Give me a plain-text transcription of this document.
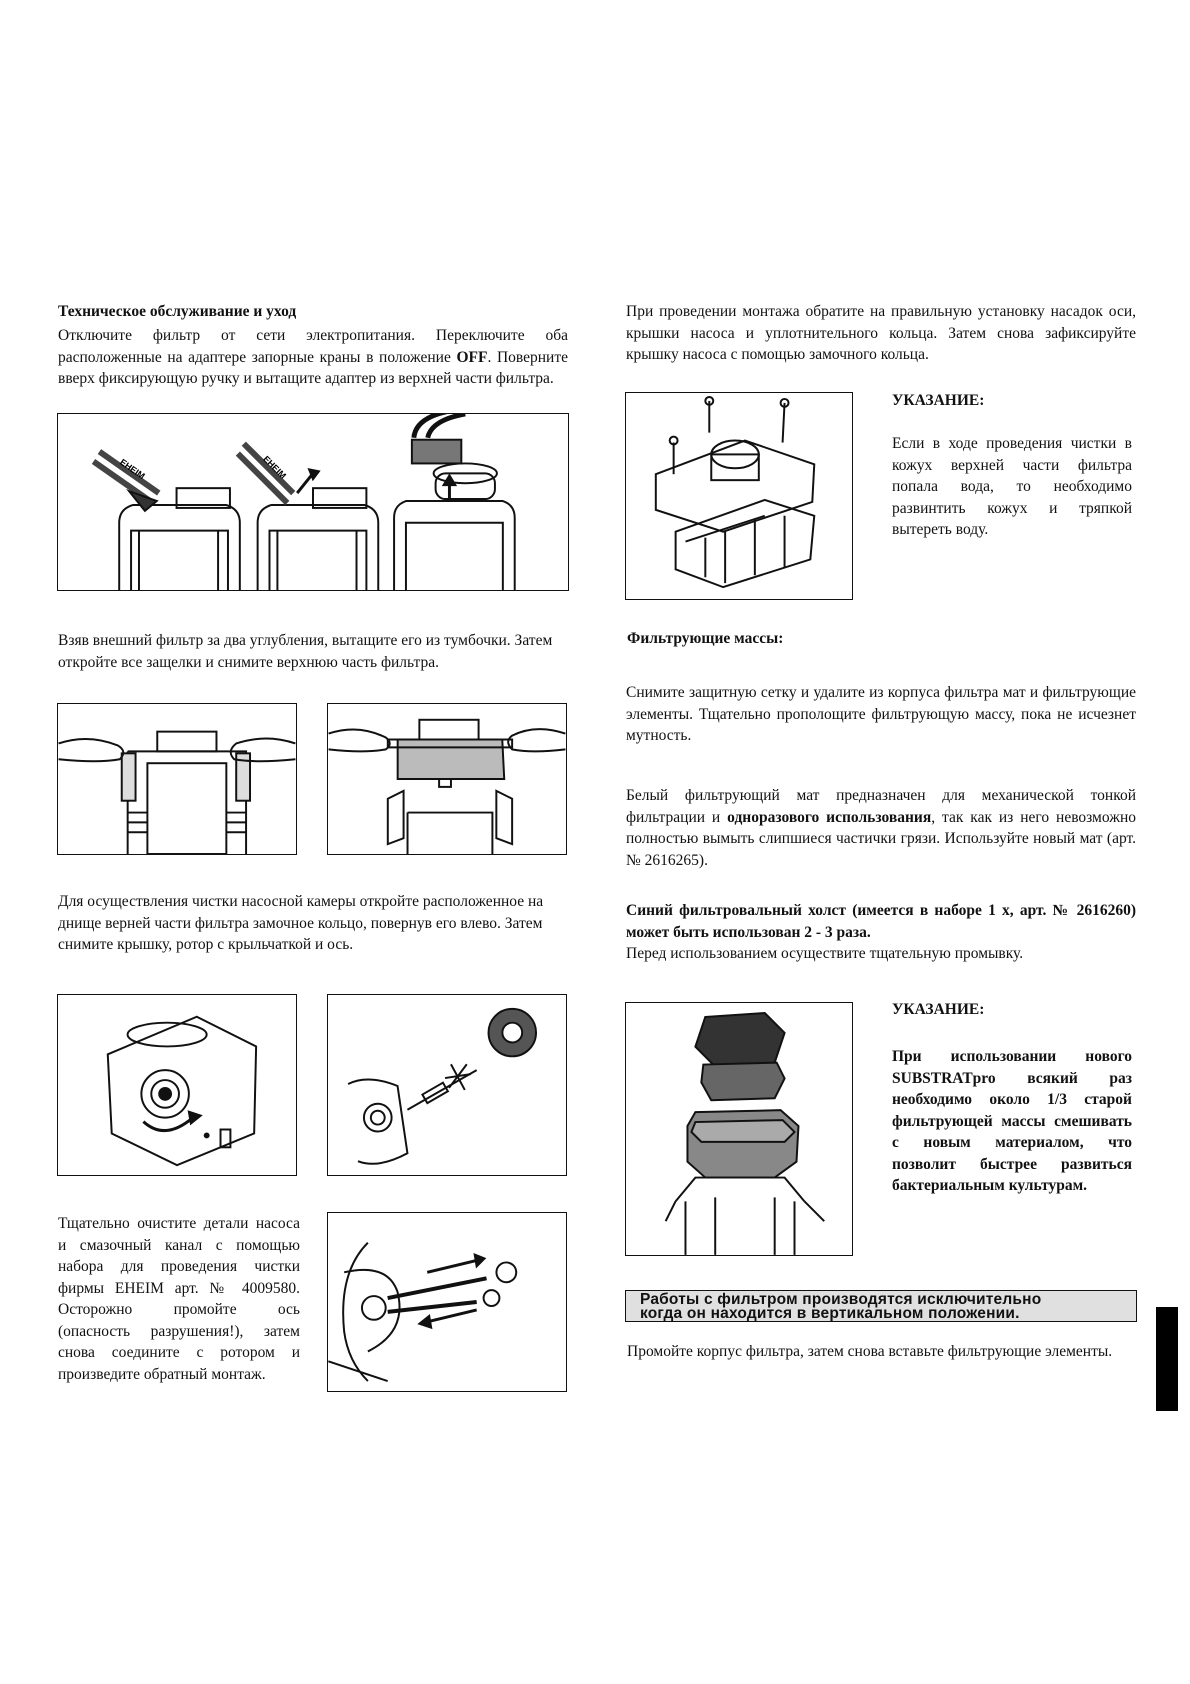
Техническое обслуживание и уход
Отключите фильтр от сети электропитания. Переключите оба расположенные на адаптере запорные краны в положение OFF. Поверните вверх фиксирующую ручку и вытащите адаптер из верхней части фильтра.
EHEIM	EHEIM
Взяв внешний фильтр за два углубления, вытащите его из тумбочки. Затем откройте все защелки и снимите верхнюю часть фильтра.
Для осуществления чистки насосной камеры откройте расположенное на днище верней части фильтра замочное кольцо, повернув его влево. Затем снимите крышку, ротор с крыльчаткой и ось.
Тщательно очистите детали насоса и смазочный канал с помощью набора для проведения чистки фирмы EHEIM арт. № 4009580. Осторожно промойте ось (опасность разрушения!), затем снова соедините с ротором и произведите обратный монтаж.
При проведении монтажа обратите на правильную установку насадок оси, крышки насоса и уплотнительного кольца. Затем снова зафиксируйте крышку насоса с помощью замочного кольца.
УКАЗАНИЕ:
Если в ходе проведения чистки в кожух верхней части фильтра попала вода, то необходимо развинтить кожух и тряпкой вытереть воду.
Фильтрующие массы:
Снимите защитную сетку и удалите из корпуса фильтра мат и фильтрующие элементы. Тщательно прополощите фильтрующую массу, пока не исчезнет мутность.
Белый фильтрующий мат предназначен для механической тонкой фильтрации и одноразового использования, так как из него невозможно полностью вымыть слипшиеся частички грязи. Используйте новый мат (арт. № 2616265).

Синий фильтровальный холст (имеется в наборе 1 х, арт. № 2616260) может быть использован 2 - 3 раза.

Перед использованием осуществите тщательную промывку.

УКАЗАНИЕ:
При использовании нового SUBSTRATpro всякий раз необходимо около 1/3 старой фильтрующей массы смешивать с новым материалом, что позволит быстрее развиться бактериальным культурам.
Работы с фильтром производятся исключительно
когда он находится в вертикальном положении.
Промойте корпус фильтра, затем снова вставьте фильтрующие элементы.
